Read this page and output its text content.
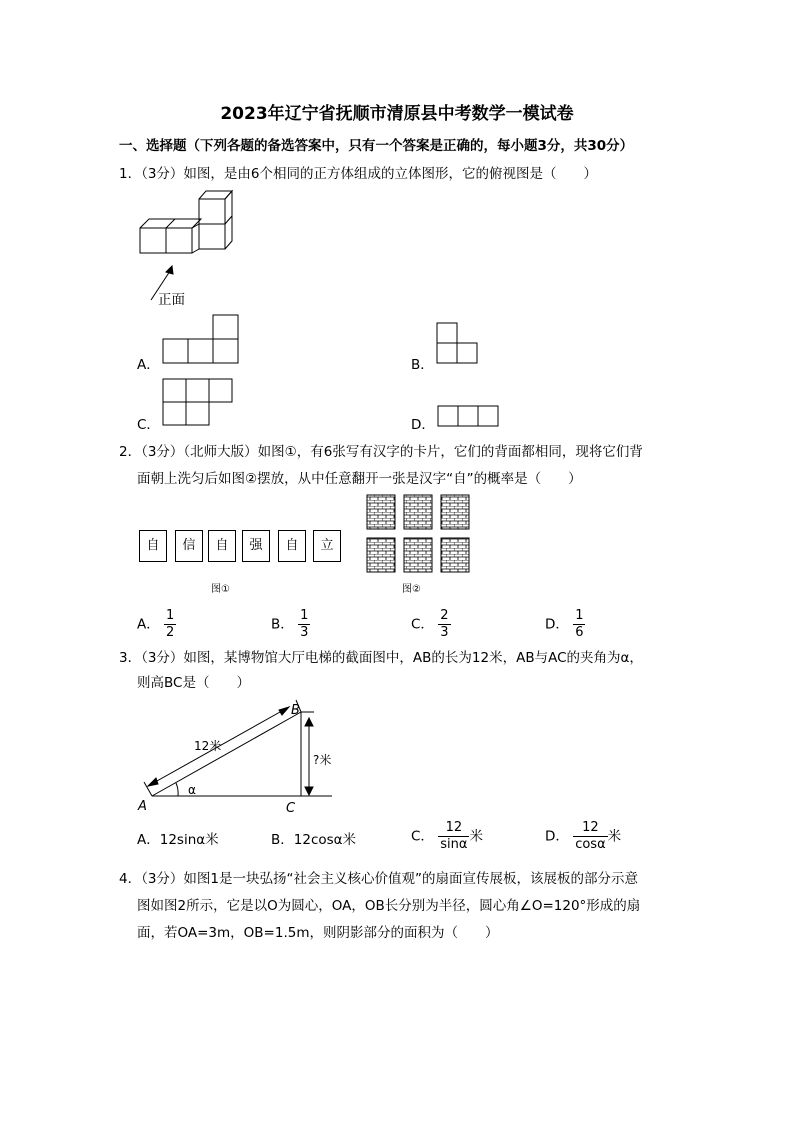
2023年辽宁省抚顺市清原县中考数学一模试卷
一、选择题（下列各题的备选答案中，只有一个答案是正确的，每小题3分，共30分）
1．（3分）如图，是由6个相同的正方体组成的立体图形，它的俯视图是（　　）
正面
A．	B．
C．	D．
2．（3分）（北师大版）如图①，有6张写有汉字的卡片，它们的背面都相同，现将它们背
面朝上洗匀后如图②摆放，从中任意翻开一张是汉字“自”的概率是（　　）
自	信	自	强	自	立
图①	图②
A． $\frac{1}{2}$	B． $\frac{1}{3}$	C． $\frac{2}{3}$	D． $\frac{1}{6}$
3．（3分）如图，某博物馆大厅电梯的截面图中，AB的长为12米，AB与AC的夹角为α，
则高BC是（　　）
A
B
C
α
12米
?米
A．12sinα米	B．12cosα米	C． $\frac{12}{\sin\alpha}$ 米	D． $\frac{12}{\cos\alpha}$ 米
4．（3分）如图1是一块弘扬“社会主义核心价值观”的扇面宣传展板，该展板的部分示意
图如图2所示，它是以O为圆心，OA，OB长分别为半径，圆心角∠O=120°形成的扇
面，若OA=3m，OB=1.5m，则阴影部分的面积为（　　）
